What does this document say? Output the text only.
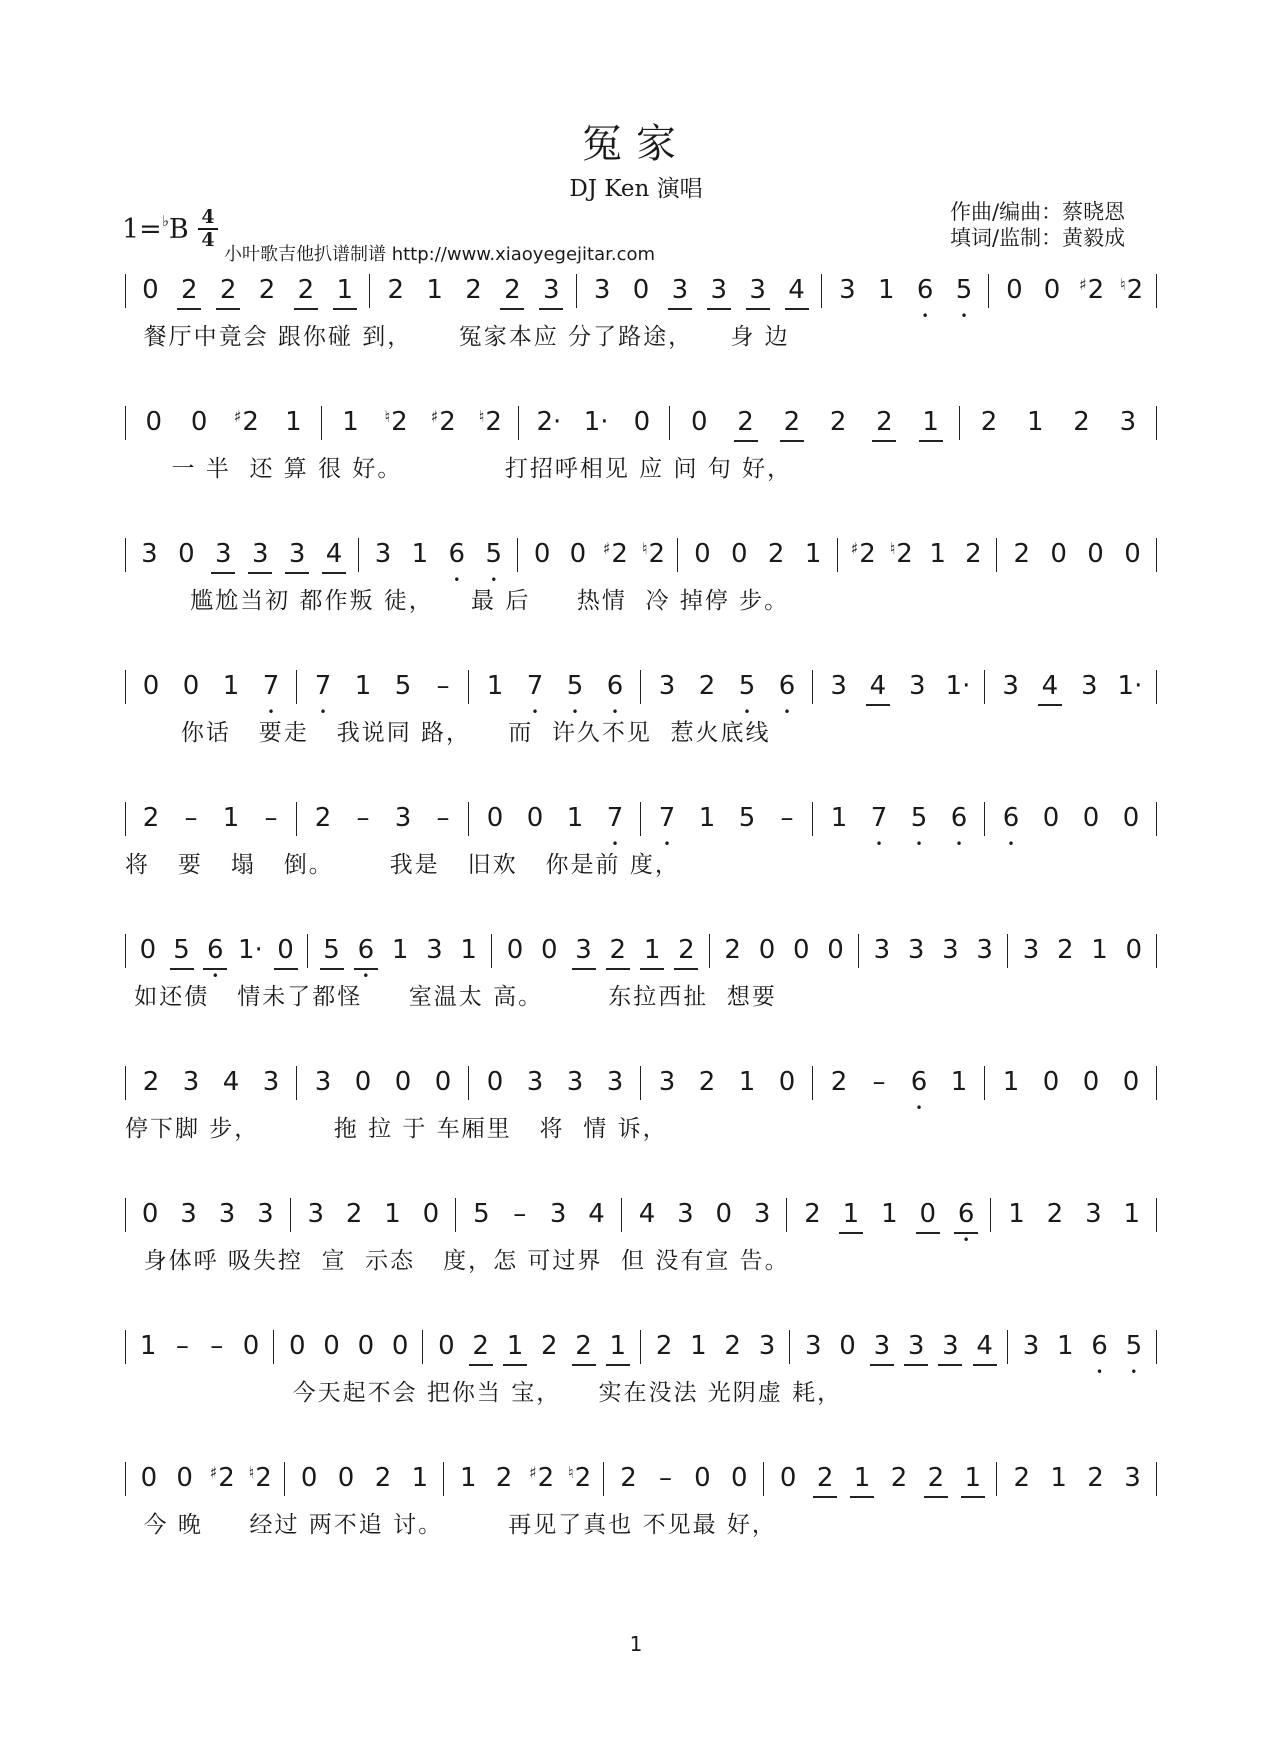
冤家
DJ Ken 演唱
作曲/编曲：蔡晓恩
填词/监制：黄毅成
1=♭B 4
4
小叶歌吉他扒谱制谱 http://www.xiaoyegejitar.com
0 2 2 2 2 1 2 1 2 2 3 3 0 3 3 3 4 3 1 6 • 5 • 0 0 ♯2 ♮2
餐厅中竟会 跟你碰 到，     冤家本应 分了路途，    身 边
0 0 ♯2 1 1 ♮2 ♯2 ♮2 2· 1· 0 0 2 2 2 2 1 2 1 2 3
一 半  还 算 很 好。           打招呼相见 应 问 句 好，
3 0 3 3 3 4 3 1 6 • 5 • 0 0 ♯2 ♮2 0 0 2 1 ♯2 ♮2 1 2 2 0 0 0
尴尬当初 都作叛 徒，    最 后     热情  冷 掉停 步。
0 0 1 7 • 7 • 1 5 – 1 7 • 5 • 6 • 3 2 5 • 6 • 3 4 3 1· 3 4 3 1·
你话   要走   我说同 路，    而  许久不见  惹火底线
2 – 1 – 2 – 3 – 0 0 1 7 • 7 • 1 5 – 1 7 • 5 • 6 • 6 • 0 0 0
将   要   塌   倒。      我是   旧欢   你是前 度，
0 5 6 • 1· 0 5 6 • 1 3 1 0 0 3 2 1 2 2 0 0 0 3 3 3 3 3 2 1 0
如还债   情未了都怪     室温太 高。       东拉西扯  想要
2 3 4 3 3 0 0 0 0 3 3 3 3 2 1 0 2 – 6 • 1 1 0 0 0
停下脚 步，        拖 拉 于 车厢里   将  情 诉，
0 3 3 3 3 2 1 0 5 – 3 4 4 3 0 3 2 1 1 0 6 • 1 2 3 1
身体呼 吸失控  宣  示态   度，怎 可过界  但 没有宣 告。
1 – – 0 0 0 0 0 0 2 1 2 2 1 2 1 2 3 3 0 3 3 3 4 3 1 6 • 5 •
今天起不会 把你当 宝，    实在没法 光阴虚 耗，
0 0 ♯2 ♮2 0 0 2 1 1 2 ♯2 ♮2 2 – 0 0 0 2 1 2 2 1 2 1 2 3
今 晚     经过 两不追 讨。       再见了真也 不见最 好，
1
